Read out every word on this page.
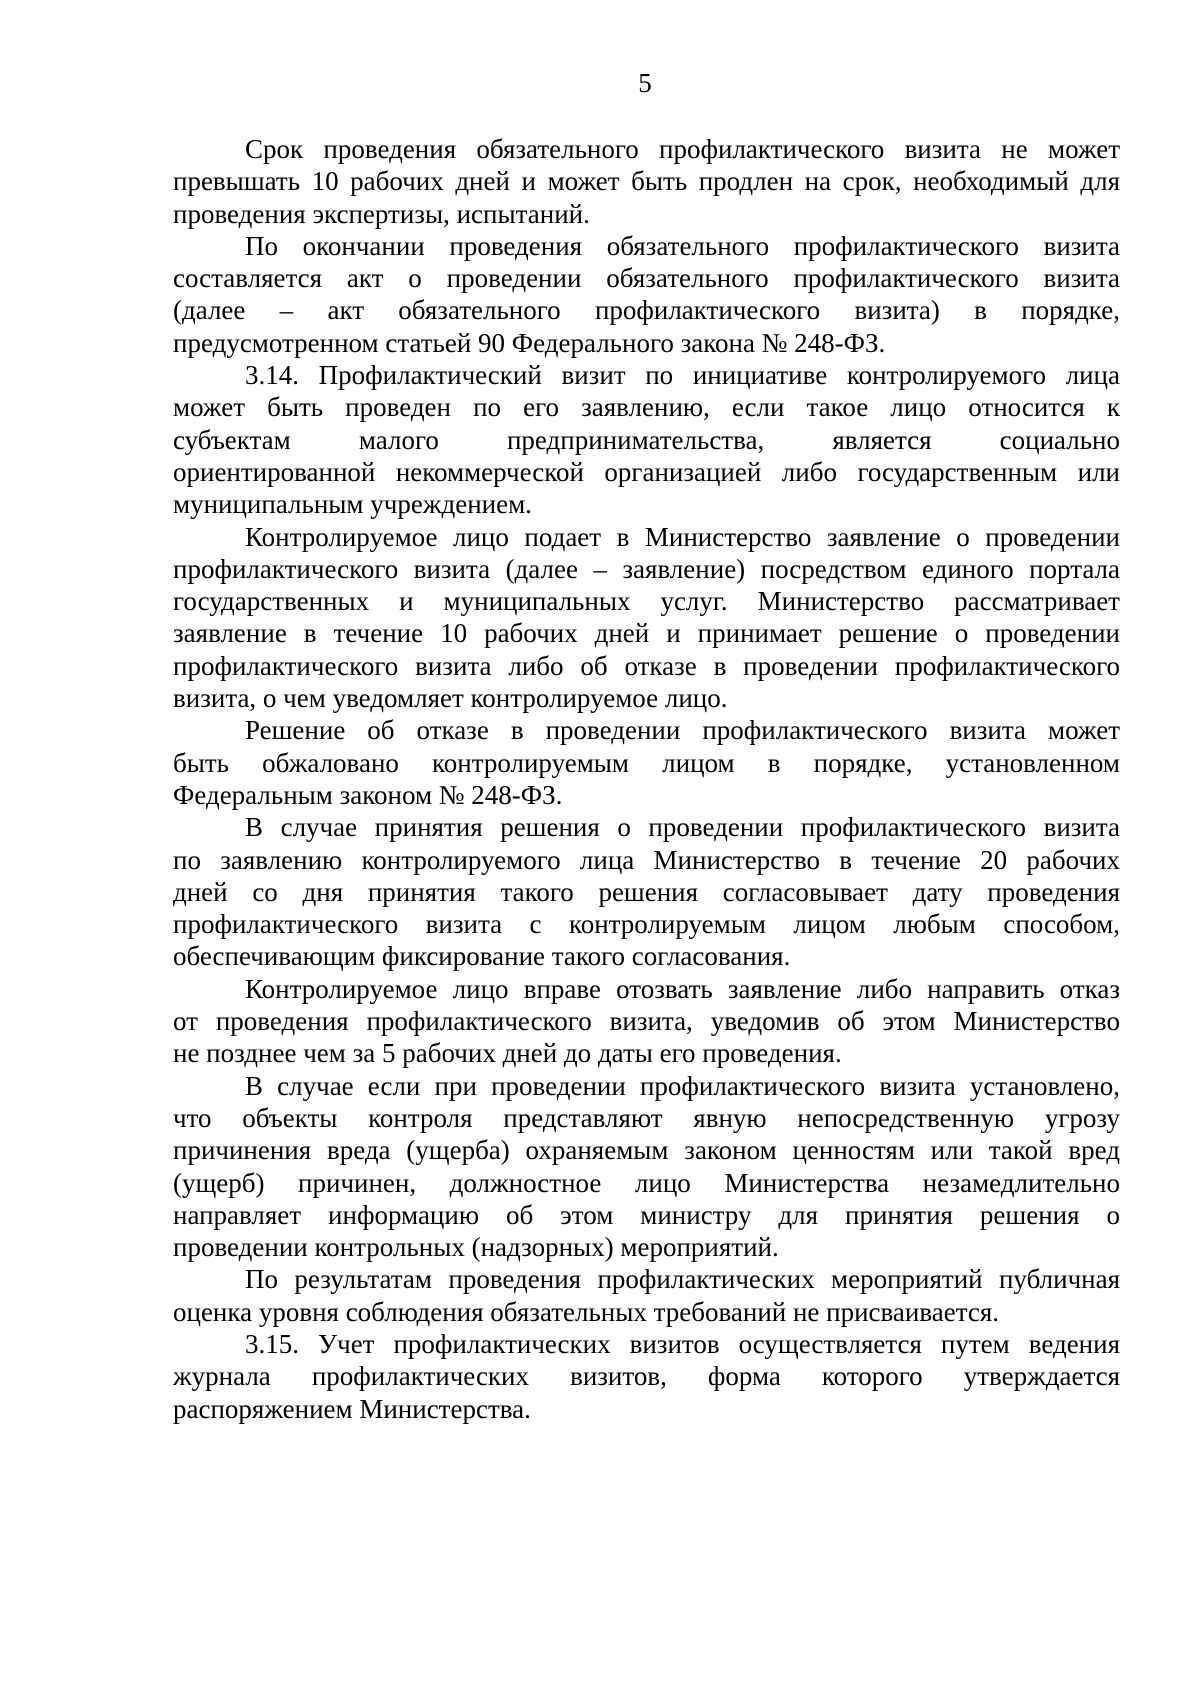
5
Срок проведения обязательного профилактического визита не может
превышать 10 рабочих дней и может быть продлен на срок, необходимый для
проведения экспертизы, испытаний.
По окончании проведения обязательного профилактического визита
составляется акт о проведении обязательного профилактического визита
(далее – акт обязательного профилактического визита) в порядке,
предусмотренном статьей 90 Федерального закона № 248-ФЗ.
3.14. Профилактический визит по инициативе контролируемого лица
может быть проведен по его заявлению, если такое лицо относится к
субъектам малого предпринимательства, является социально
ориентированной некоммерческой организацией либо государственным или
муниципальным учреждением.
Контролируемое лицо подает в Министерство заявление о проведении
профилактического визита (далее – заявление) посредством единого портала
государственных и муниципальных услуг. Министерство рассматривает
заявление в течение 10 рабочих дней и принимает решение о проведении
профилактического визита либо об отказе в проведении профилактического
визита, о чем уведомляет контролируемое лицо.
Решение об отказе в проведении профилактического визита может
быть обжаловано контролируемым лицом в порядке, установленном
Федеральным законом № 248-ФЗ.
В случае принятия решения о проведении профилактического визита
по заявлению контролируемого лица Министерство в течение 20 рабочих
дней со дня принятия такого решения согласовывает дату проведения
профилактического визита с контролируемым лицом любым способом,
обеспечивающим фиксирование такого согласования.
Контролируемое лицо вправе отозвать заявление либо направить отказ
от проведения профилактического визита, уведомив об этом Министерство
не позднее чем за 5 рабочих дней до даты его проведения.
В случае если при проведении профилактического визита установлено,
что объекты контроля представляют явную непосредственную угрозу
причинения вреда (ущерба) охраняемым законом ценностям или такой вред
(ущерб) причинен, должностное лицо Министерства незамедлительно
направляет информацию об этом министру для принятия решения о
проведении контрольных (надзорных) мероприятий.
По результатам проведения профилактических мероприятий публичная
оценка уровня соблюдения обязательных требований не присваивается.
3.15. Учет профилактических визитов осуществляется путем ведения
журнала профилактических визитов, форма которого утверждается
распоряжением Министерства.
